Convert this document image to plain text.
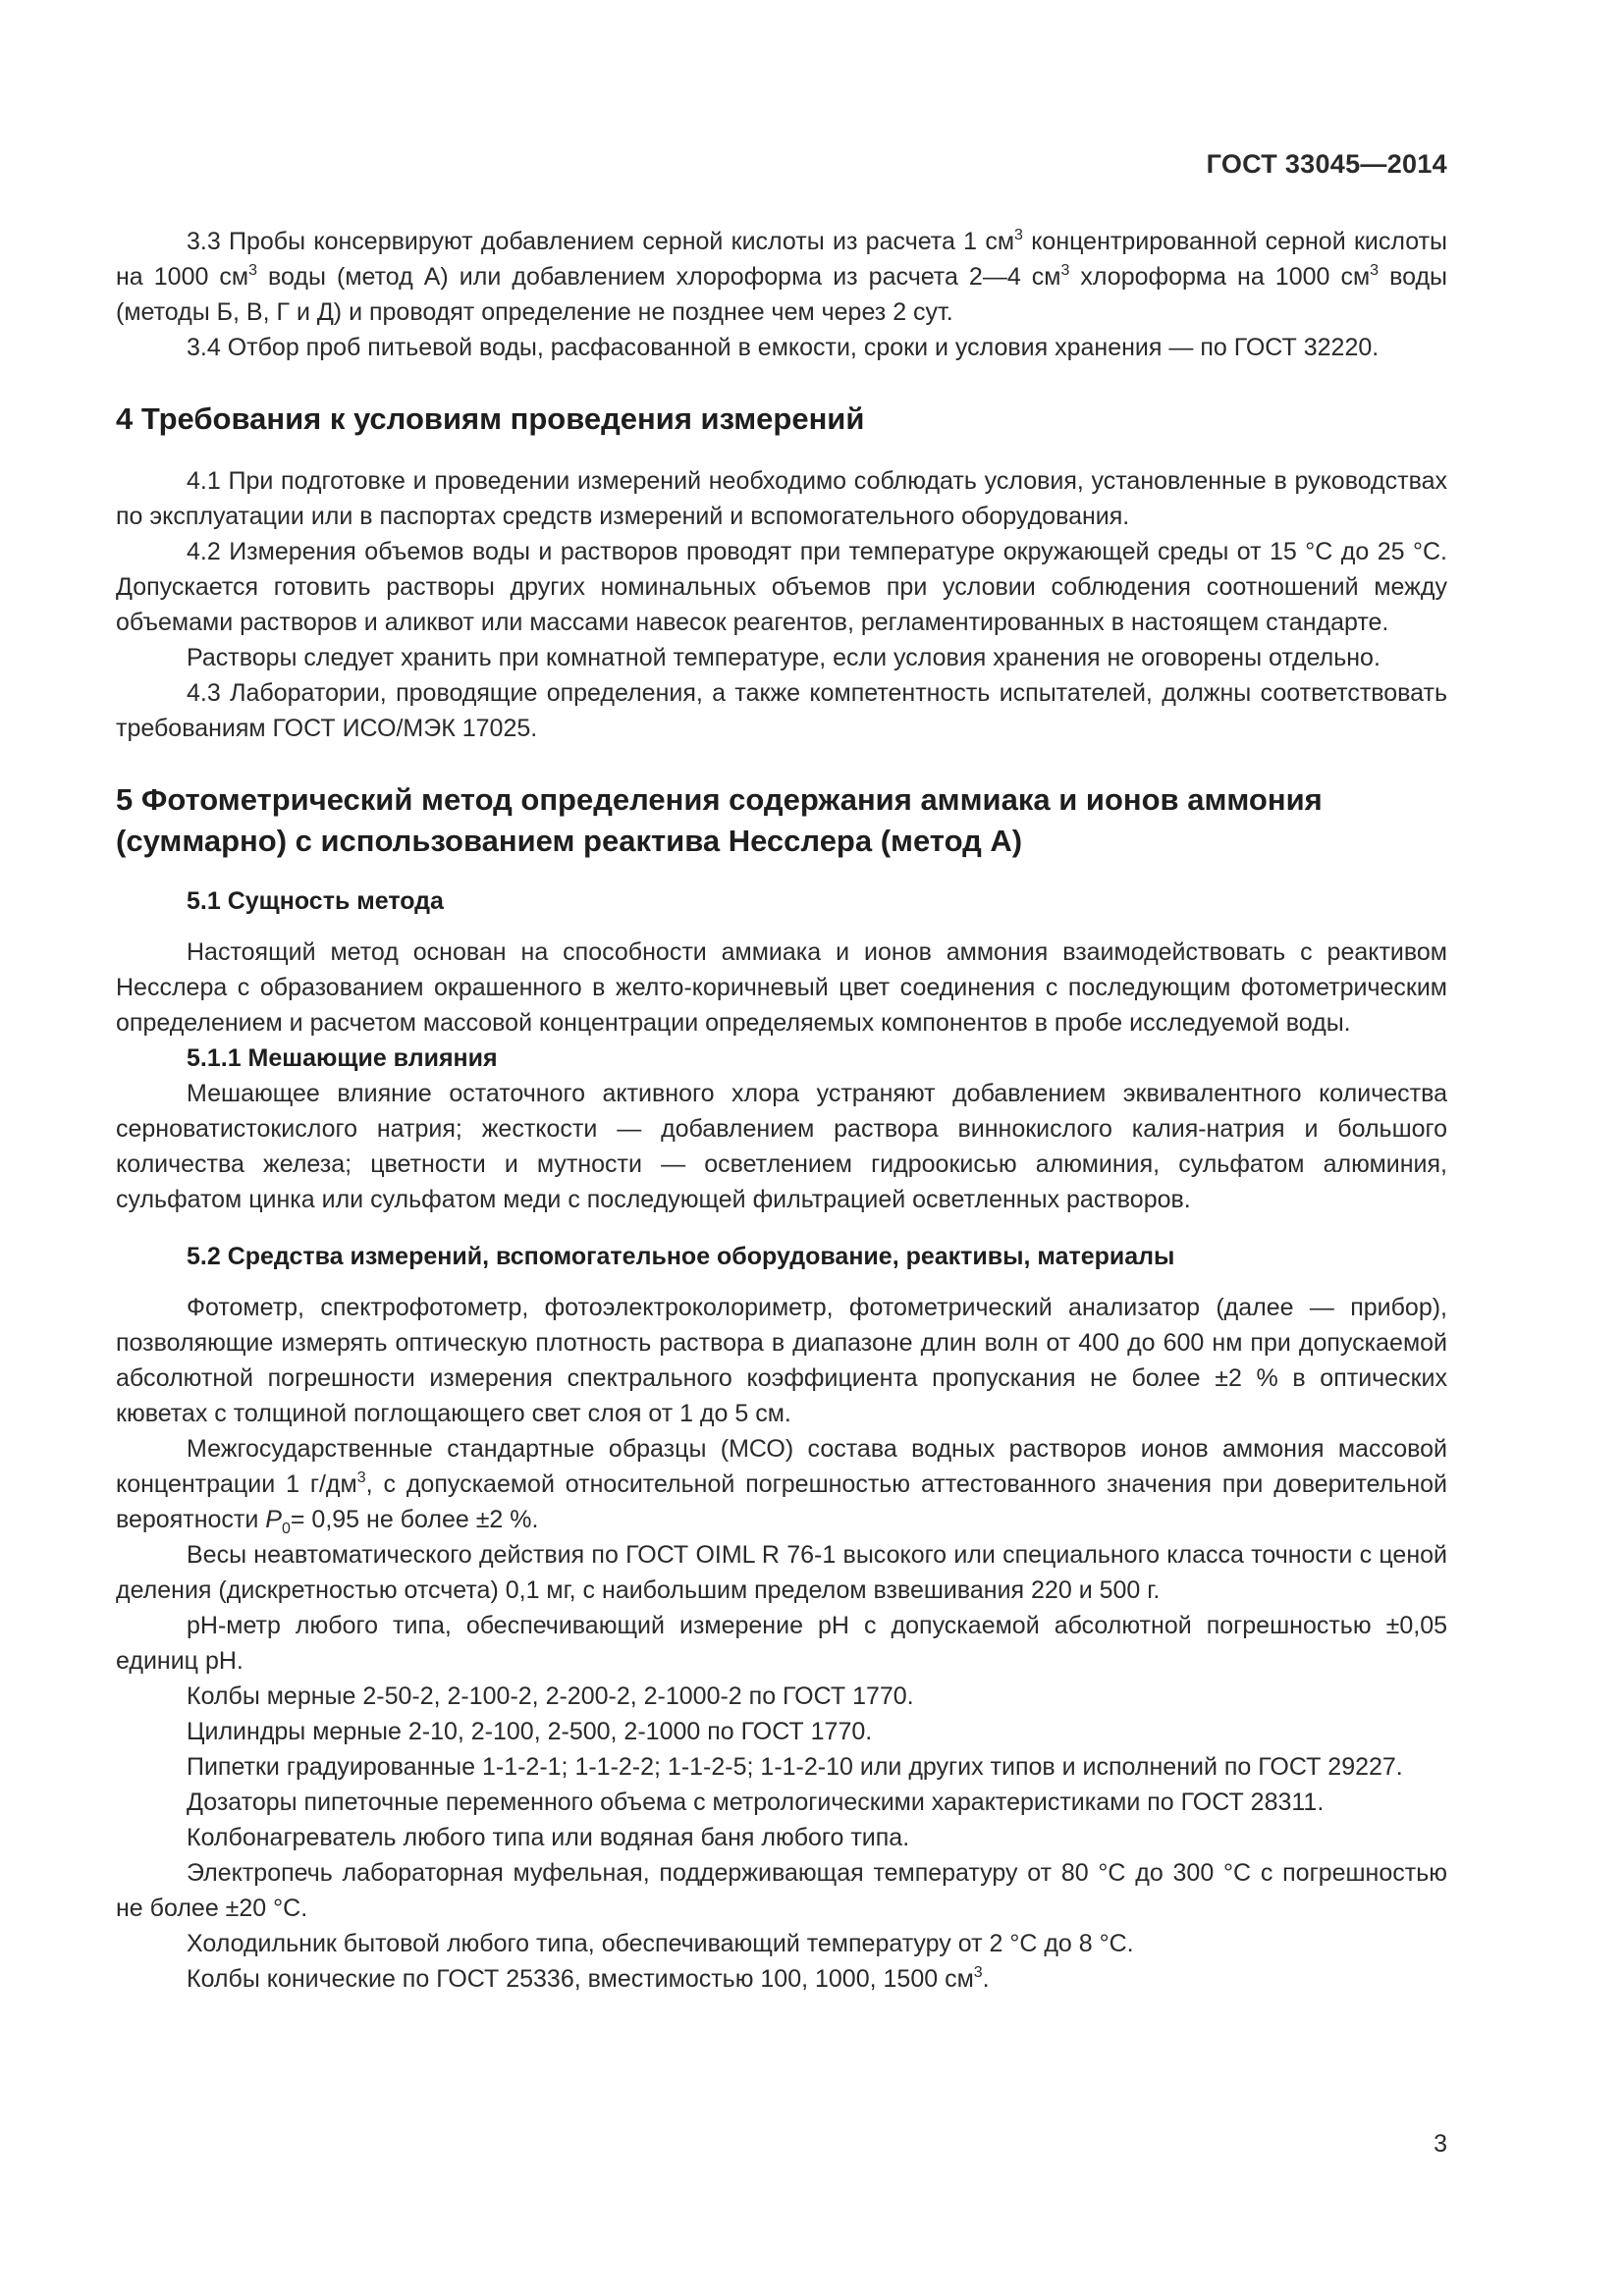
ГОСТ 33045—2014

3.3 Пробы консервируют добавлением серной кислоты из расчета 1 $см^3$ концентрированной серной кислоты на 1000 $см^3$ воды (метод А) или добавлением хлороформа из расчета 2—4 $см^3$ хлороформа на 1000 $см^3$ воды (методы Б, В, Г и Д) и проводят определение не позднее чем через 2 сут.

3.4 Отбор проб питьевой воды, расфасованной в емкости, сроки и условия хранения — по ГОСТ 32220.

4 Требования к условиям проведения измерений

4.1 При подготовке и проведении измерений необходимо соблюдать условия, установленные в руководствах по эксплуатации или в паспортах средств измерений и вспомогательного оборудования.

4.2 Измерения объемов воды и растворов проводят при температуре окружающей среды от 15 °С до 25 °С. Допускается готовить растворы других номинальных объемов при условии соблюдения соотношений между объемами растворов и аликвот или массами навесок реагентов, регламентированных в настоящем стандарте.

Растворы следует хранить при комнатной температуре, если условия хранения не оговорены отдельно.

4.3 Лаборатории, проводящие определения, а также компетентность испытателей, должны соответствовать требованиям ГОСТ ИСО/МЭК 17025.

5 Фотометрический метод определения содержания аммиака и ионов аммония (суммарно) с использованием реактива Несслера (метод А)
5.1 Сущность метода

Настоящий метод основан на способности аммиака и ионов аммония взаимодействовать с реактивом Несслера с образованием окрашенного в желто-коричневый цвет соединения с последующим фотометрическим определением и расчетом массовой концентрации определяемых компонентов в пробе исследуемой воды.

5.1.1 Мешающие влияния

Мешающее влияние остаточного активного хлора устраняют добавлением эквивалентного количества серноватистокислого натрия; жесткости — добавлением раствора виннокислого калия-натрия и большого количества железа; цветности и мутности — осветлением гидроокисью алюминия, сульфатом алюминия, сульфатом цинка или сульфатом меди с последующей фильтрацией осветленных растворов.

5.2 Средства измерений, вспомогательное оборудование, реактивы, материалы

Фотометр, спектрофотометр, фотоэлектроколориметр, фотометрический анализатор (далее — прибор), позволяющие измерять оптическую плотность раствора в диапазоне длин волн от 400 до 600 нм при допускаемой абсолютной погрешности измерения спектрального коэффициента пропускания не более ±2 % в оптических кюветах с толщиной поглощающего свет слоя от 1 до 5 см.

Межгосударственные стандартные образцы (МСО) состава водных растворов ионов аммония массовой концентрации 1 $г/дм^3$, с допускаемой относительной погрешностью аттестованного значения при доверительной вероятности $P_0= 0,95$ не более ±2 %.

Весы неавтоматического действия по ГОСТ OIML R 76-1 высокого или специального класса точности с ценой деления (дискретностью отсчета) 0,1 мг, с наибольшим пределом взвешивания 220 и 500 г.

рН-метр любого типа, обеспечивающий измерение рН с допускаемой абсолютной погрешностью ±0,05 единиц рН.

Колбы мерные 2-50-2, 2-100-2, 2-200-2, 2-1000-2 по ГОСТ 1770.

Цилиндры мерные 2-10, 2-100, 2-500, 2-1000 по ГОСТ 1770.

Пипетки градуированные 1-1-2-1; 1-1-2-2; 1-1-2-5; 1-1-2-10 или других типов и исполнений по ГОСТ 29227.

Дозаторы пипеточные переменного объема с метрологическими характеристиками по ГОСТ 28311.

Колбонагреватель любого типа или водяная баня любого типа.

Электропечь лабораторная муфельная, поддерживающая температуру от 80 °С до 300 °С с погрешностью не более ±20 °С.

Холодильник бытовой любого типа, обеспечивающий температуру от 2 °С до 8 °С.

Колбы конические по ГОСТ 25336, вместимостью 100, 1000, 1500 $см^3$.

3
